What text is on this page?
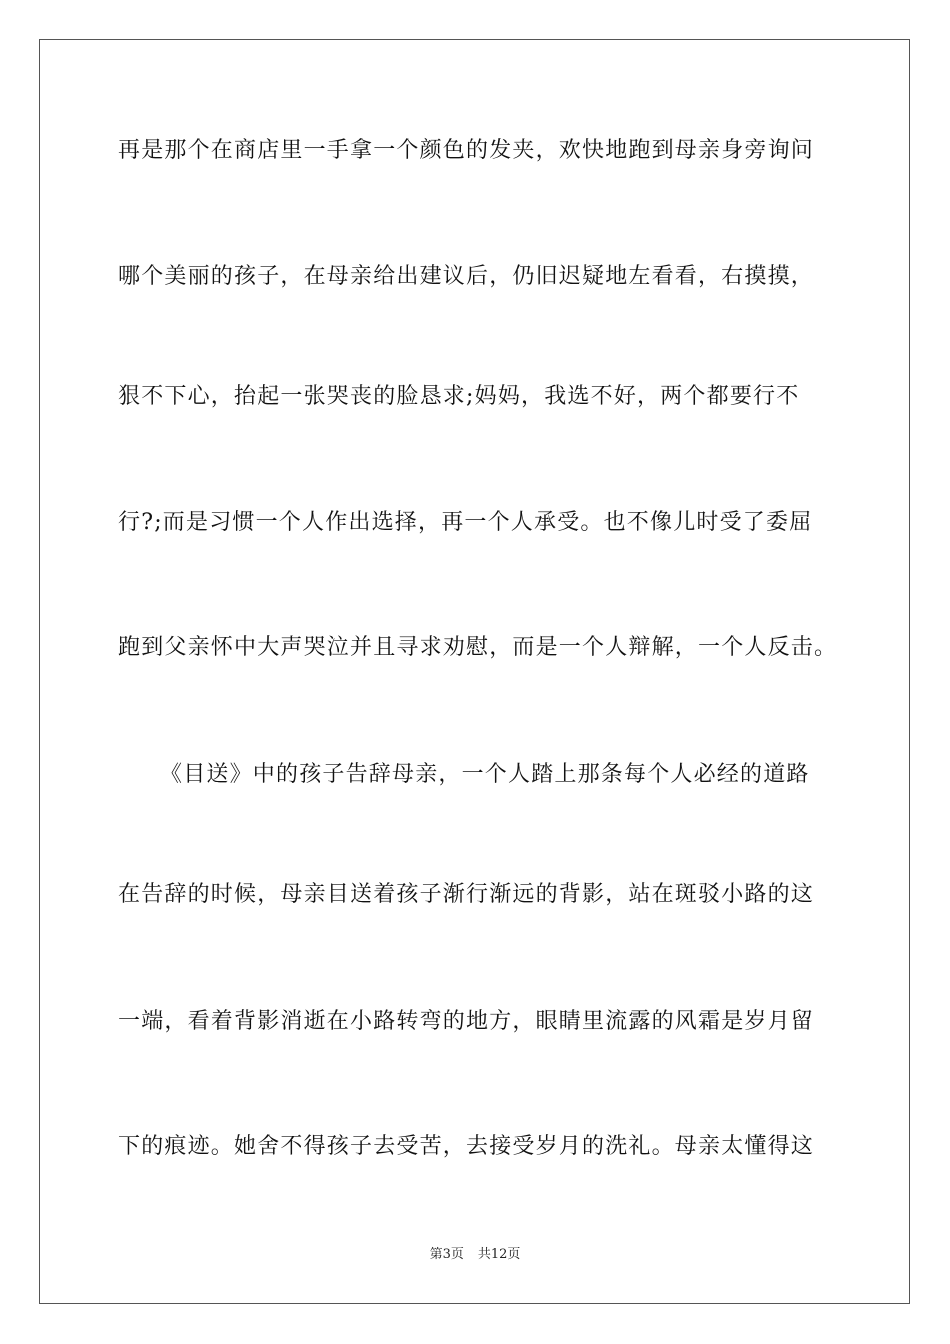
再是那个在商店里一手拿一个颜色的发夹，欢快地跑到母亲身旁询问
哪个美丽的孩子，在母亲给出建议后，仍旧迟疑地左看看，右摸摸，
狠不下心，抬起一张哭丧的脸恳求;妈妈，我选不好，两个都要行不
行?;而是习惯一个人作出选择，再一个人承受。也不像儿时受了委屈
跑到父亲怀中大声哭泣并且寻求劝慰，而是一个人辩解，一个人反击。
《目送》中的孩子告辞母亲，一个人踏上那条每个人必经的道路
在告辞的时候，母亲目送着孩子渐行渐远的背影，站在斑驳小路的这
一端，看着背影消逝在小路转弯的地方，眼睛里流露的风霜是岁月留
下的痕迹。她舍不得孩子去受苦，去接受岁月的洗礼。母亲太懂得这
第3页 共12页
